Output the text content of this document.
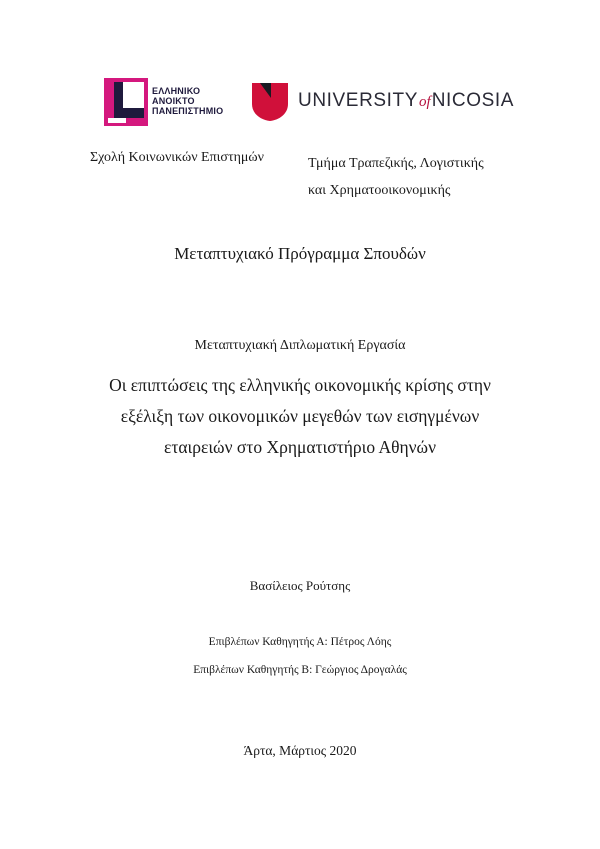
ΕΛΛΗΝΙΚΟ
ΑΝΟΙΚΤΟ
ΠΑΝΕΠΙΣΤΗΜΙΟ	UNIVERSITYofNICOSIA
Σχολή Κοινωνικών Επιστημών	Τμήμα Τραπεζικής, Λογιστικής
και Χρηματοοικονομικής
Μεταπτυχιακό Πρόγραμμα Σπουδών
Μεταπτυχιακή Διπλωματική Εργασία
Οι επιπτώσεις της ελληνικής οικονομικής κρίσης στην
εξέλιξη των οικονομικών μεγεθών των εισηγμένων
εταιρειών στο Χρηματιστήριο Αθηνών
Βασίλειος Ρούτσης
Επιβλέπων Καθηγητής Α: Πέτρος Λόης
Επιβλέπων Καθηγητής Β: Γεώργιος Δρογαλάς
Άρτα, Μάρτιος 2020
